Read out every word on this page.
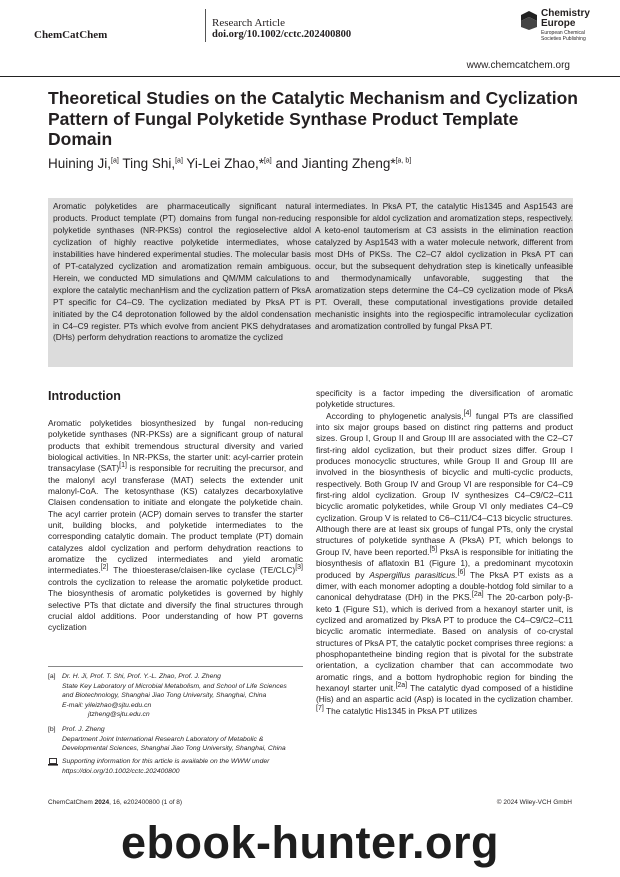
ChemCatChem
Research Article
doi.org/10.1002/cctc.202400800
Chemistry
Europe
European Chemical
Societies Publishing
www.chemcatchem.org
Theoretical Studies on the Catalytic Mechanism and Cyclization Pattern of Fungal Polyketide Synthase Product Template Domain
Huining Ji,[a] Ting Shi,[a] Yi-Lei Zhao,*[a] and Jianting Zheng*[a, b]
Aromatic polyketides are pharmaceutically significant natural products. Product template (PT) domains from fungal non-reducing polyketide synthases (NR-PKSs) control the regioselective aldol cyclization of highly reactive polyketide intermediates, whose instabilities have hindered experimental studies. The molecular basis of PT-catalyzed cyclization and aromatization remain ambiguous. Herein, we conducted MD simulations and QM/MM calculations to explore the catalytic mechanHism and the cyclization pattern of PksA PT specific for C4–C9. The cyclization mediated by PksA PT is initiated by the C4 deprotonation followed by the aldol condensation in C4–C9 register. PTs which evolve from ancient PKS dehydratases (DHs) perform dehydration reactions to aromatize the cyclized
intermediates. In PksA PT, the catalytic His1345 and Asp1543 are responsible for aldol cyclization and aromatization steps, respectively. A keto-enol tautomerism at C3 assists in the elimination reaction catalyzed by Asp1543 with a water molecule network, different from most DHs of PKSs. The C2–C7 aldol cyclization in PksA PT can occur, but the subsequent dehydration step is kinetically unfeasible and thermodynamically unfavorable, suggesting that the aromatization steps determine the C4–C9 cyclization mode of PksA PT. Overall, these computational investigations provide detailed mechanistic insights into the regiospecific intramolecular cyclization and aromatization controlled by fungal PksA PT.
Introduction

Aromatic polyketides biosynthesized by fungal non-reducing polyketide synthases (NR-PKSs) are a significant group of natural products that exhibit tremendous structural diversity and varied biological activities. In NR-PKSs, the starter unit: acyl-carrier protein transacylase (SAT)[1] is responsible for recruiting the precursor, and the malonyl acyl transferase (MAT) selects the extender unit malonyl-CoA. The ketosynthase (KS) catalyzes decarboxylative Claisen condensation to initiate and elongate the polyketide chain. The acyl carrier protein (ACP) domain serves to transfer the starter unit, building blocks, and polyketide intermediates to the corresponding catalytic domain. The product template (PT) domain catalyzes aldol cyclization and perform dehydration reactions to aromatize the cyclized intermediates and yield aromatic intermediates.[2] The thioesterase/claisen-like cyclase (TE/CLC)[3] controls the cyclization to release the aromatic polyketide product. The biosynthesis of aromatic polyketides is governed by highly selective PTs that dictate and diversify the final structures through crucial aldol additions. Poor understanding of how PT governs cyclization

specificity is a factor impeding the diversification of aromatic polyketide structures.

According to phylogenetic analysis,[4] fungal PTs are classified into six major groups based on distinct ring patterns and product sizes. Group I, Group II and Group III are associated with the C2–C7 first-ring aldol cyclization, but their product sizes differ. Group I produces monocyclic structures, while Group II and Group III are involved in the biosynthesis of bicyclic and multi-cyclic products, respectively. Both Group IV and Group VI are responsible for C4–C9 first-ring aldol cyclization. Group IV synthesizes C4–C9/C2–C11 bicyclic aromatic polyketides, while Group VI only mediates C4–C9 cyclization. Group V is related to C6–C11/C4–C13 bicyclic structures. Although there are at least six groups of fungal PTs, only the crystal structures of polyketide synthase A (PksA) PT, which belongs to Group IV, have been reported.[5] PksA is responsible for initiating the biosynthesis of aflatoxin B1 (Figure 1), a predominant mycotoxin produced by Aspergillus parasiticus.[6] The PksA PT exists as a dimer, with each monomer adopting a double-hotdog fold similar to a canonical dehydratase (DH) in the PKS.[2a] The 20-carbon poly-β-keto 1 (Figure S1), which is derived from a hexanoyl starter unit, is cyclized and aromatized by PksA PT to produce the C4–C9/C2–C11 bicyclic aromatic intermediate. Based on analysis of co-crystal structures of PksA PT, the catalytic pocket comprises three regions: a phosphopantetheine binding region that is pivotal for the substrate orientation, a cyclization chamber that can accommodate two aromatic rings, and a bottom hydrophobic region for binding the hexanoyl starter unit.[2a] The catalytic dyad composed of a histidine (His) and an aspartic acid (Asp) is located in the cyclization chamber.[7] The catalytic His1345 in PksA PT utilizes

[a] Dr. H. Ji, Prof. T. Shi, Prof. Y.-L. Zhao, Prof. J. Zheng
State Key Laboratory of Microbial Metabolism, and School of Life Sciences
and Biotechnology, Shanghai Jiao Tong University, Shanghai, China
E-mail: yileizhao@sjtu.edu.cn
jtzheng@sjtu.edu.cn
[b] Prof. J. Zheng
Department Joint International Research Laboratory of Metabolic &
Developmental Sciences, Shanghai Jiao Tong University, Shanghai, China
Supporting information for this article is available on the WWW under
https://doi.org/10.1002/cctc.202400800
ChemCatChem 2024, 16, e202400800 (1 of 8)	© 2024 Wiley-VCH GmbH
ebook-hunter.org
